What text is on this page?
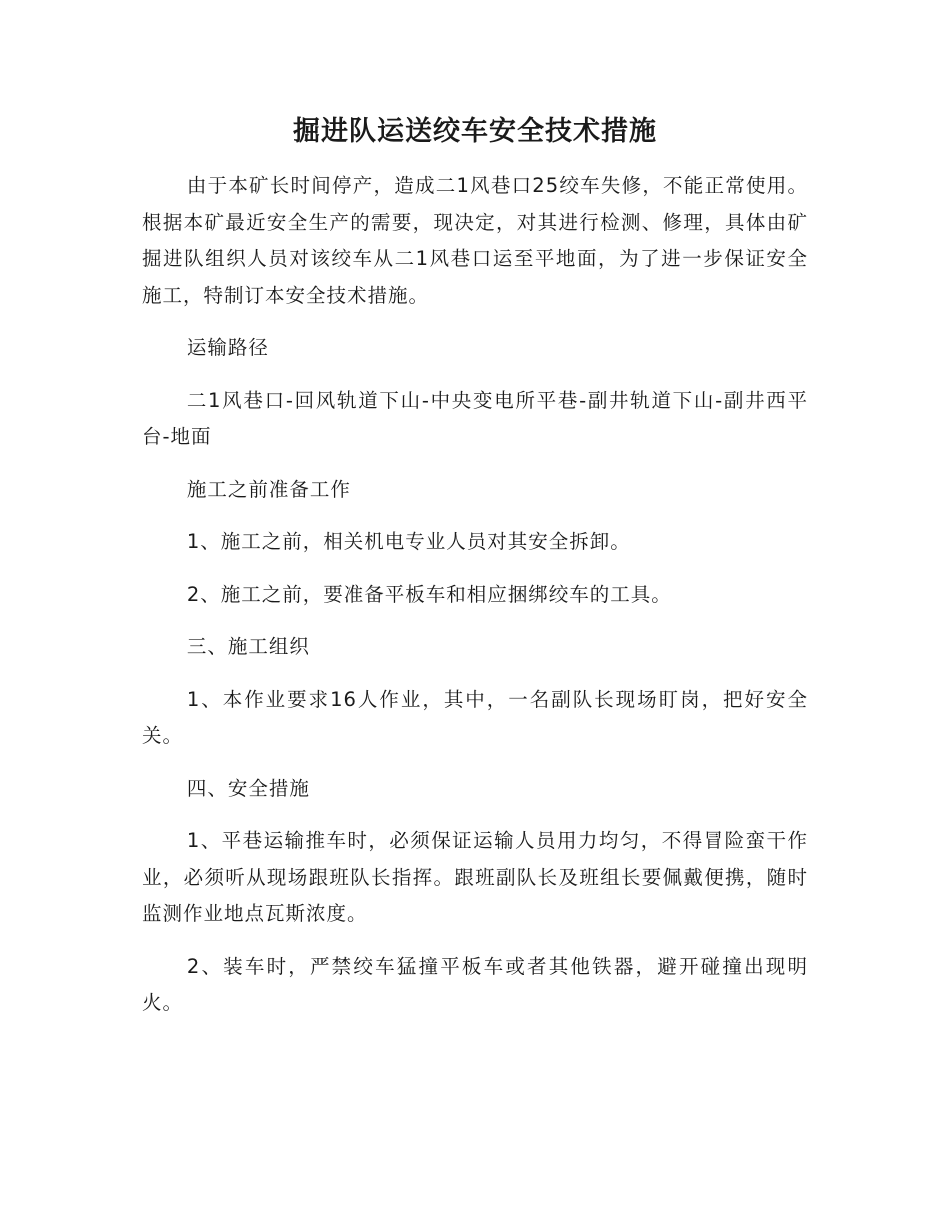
掘进队运送绞车安全技术措施

由于本矿长时间停产，造成二1风巷口25绞车失修，不能正常使用。根据本矿最近安全生产的需要，现决定，对其进行检测、修理，具体由矿掘进队组织人员对该绞车从二1风巷口运至平地面，为了进一步保证安全施工，特制订本安全技术措施。

运输路径

二1风巷口-回风轨道下山-中央变电所平巷-副井轨道下山-副井西平台-地面

施工之前准备工作

1、施工之前，相关机电专业人员对其安全拆卸。

2、施工之前，要准备平板车和相应捆绑绞车的工具。

三、施工组织

1、本作业要求16人作业，其中，一名副队长现场盯岗，把好安全关。

四、安全措施

1、平巷运输推车时，必须保证运输人员用力均匀，不得冒险蛮干作业，必须听从现场跟班队长指挥。跟班副队长及班组长要佩戴便携，随时监测作业地点瓦斯浓度。

2、装车时，严禁绞车猛撞平板车或者其他铁器，避开碰撞出现明火。
